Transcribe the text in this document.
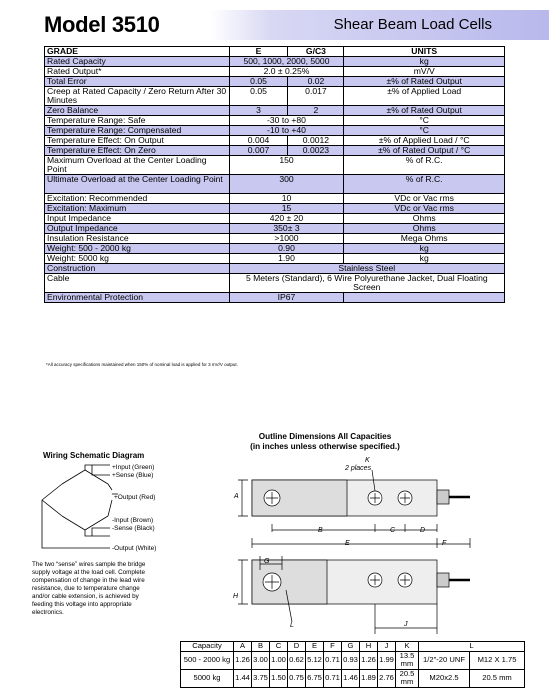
Model 3510	Shear Beam Load Cells
GRADE	E	G/C3	UNITS
Rated Capacity	500, 1000, 2000, 5000		kg
Rated Output*	2.0 ± 0.25%		mV/V
Total Error	0.05	0.02	±% of Rated Output
Creep at Rated Capacity / Zero Return After 30 Minutes	0.05	0.017	±% of Applied Load
Zero Balance	3	2	±% of Rated Output
Temperature Range: Safe	-30 to +80		°C
Temperature Range: Compensated	-10 to +40		°C
Temperature Effect: On Output	0.004	0.0012	±% of Applied Load / °C
Temperature Effect: On Zero	0.007	0.0023	±% of Rated Output / °C
Maximum Overload at the Center Loading Point	150		% of R.C.
Ultimate Overload at the Center Loading Point	300		% of R.C.
Excitation: Recommended	10		VDc or Vac rms
Excitation: Maximum	15		VDc or Vac rms
Input Impedance	420 ± 20		Ohms
Output Impedance	350± 3		Ohms
Insulation Resistance	>1000		Mega Ohms
Weight: 500 - 2000 kg	0.90		kg
Weight: 5000 kg	1.90		kg
Construction	Stainless Steel		
Cable	5 Meters (Standard), 6 Wire Polyurethane Jacket, Dual Floating Screen		
Environmental Protection	IP67		
*All accuracy specifications maintained when 150% of nominal load is applied for 3 mV/V output.
Wiring Schematic Diagram
+Input (Green)
+Sense (Blue)
+Output (Red)
-Input (Brown)
-Sense (Black)
-Output (White)
The two “sense” wires sample the bridge supply voltage at the load cell. Complete compensation of change in the lead wire resistance, due to temperature change and/or cable extension, is achieved by feeding this voltage into appropriate electronics.
Outline Dimensions All Capacities
(in inches unless otherwise specified.)
K
2 places
A
B	C	D
E	F
G
H
J
L
Capacity	A	B	C	D	E	F	G	H	J	K	L	
500 - 2000 kg	1.26	3.00	1.00	0.62	5.12	0.71	0.93	1.26	1.99	13.5 mm	1/2"-20 UNF	M12 X 1.75
5000 kg	1.44	3.75	1.50	0.75	6.75	0.71	1.46	1.89	2.76	20.5 mm	M20x2.5	20.5 mm
